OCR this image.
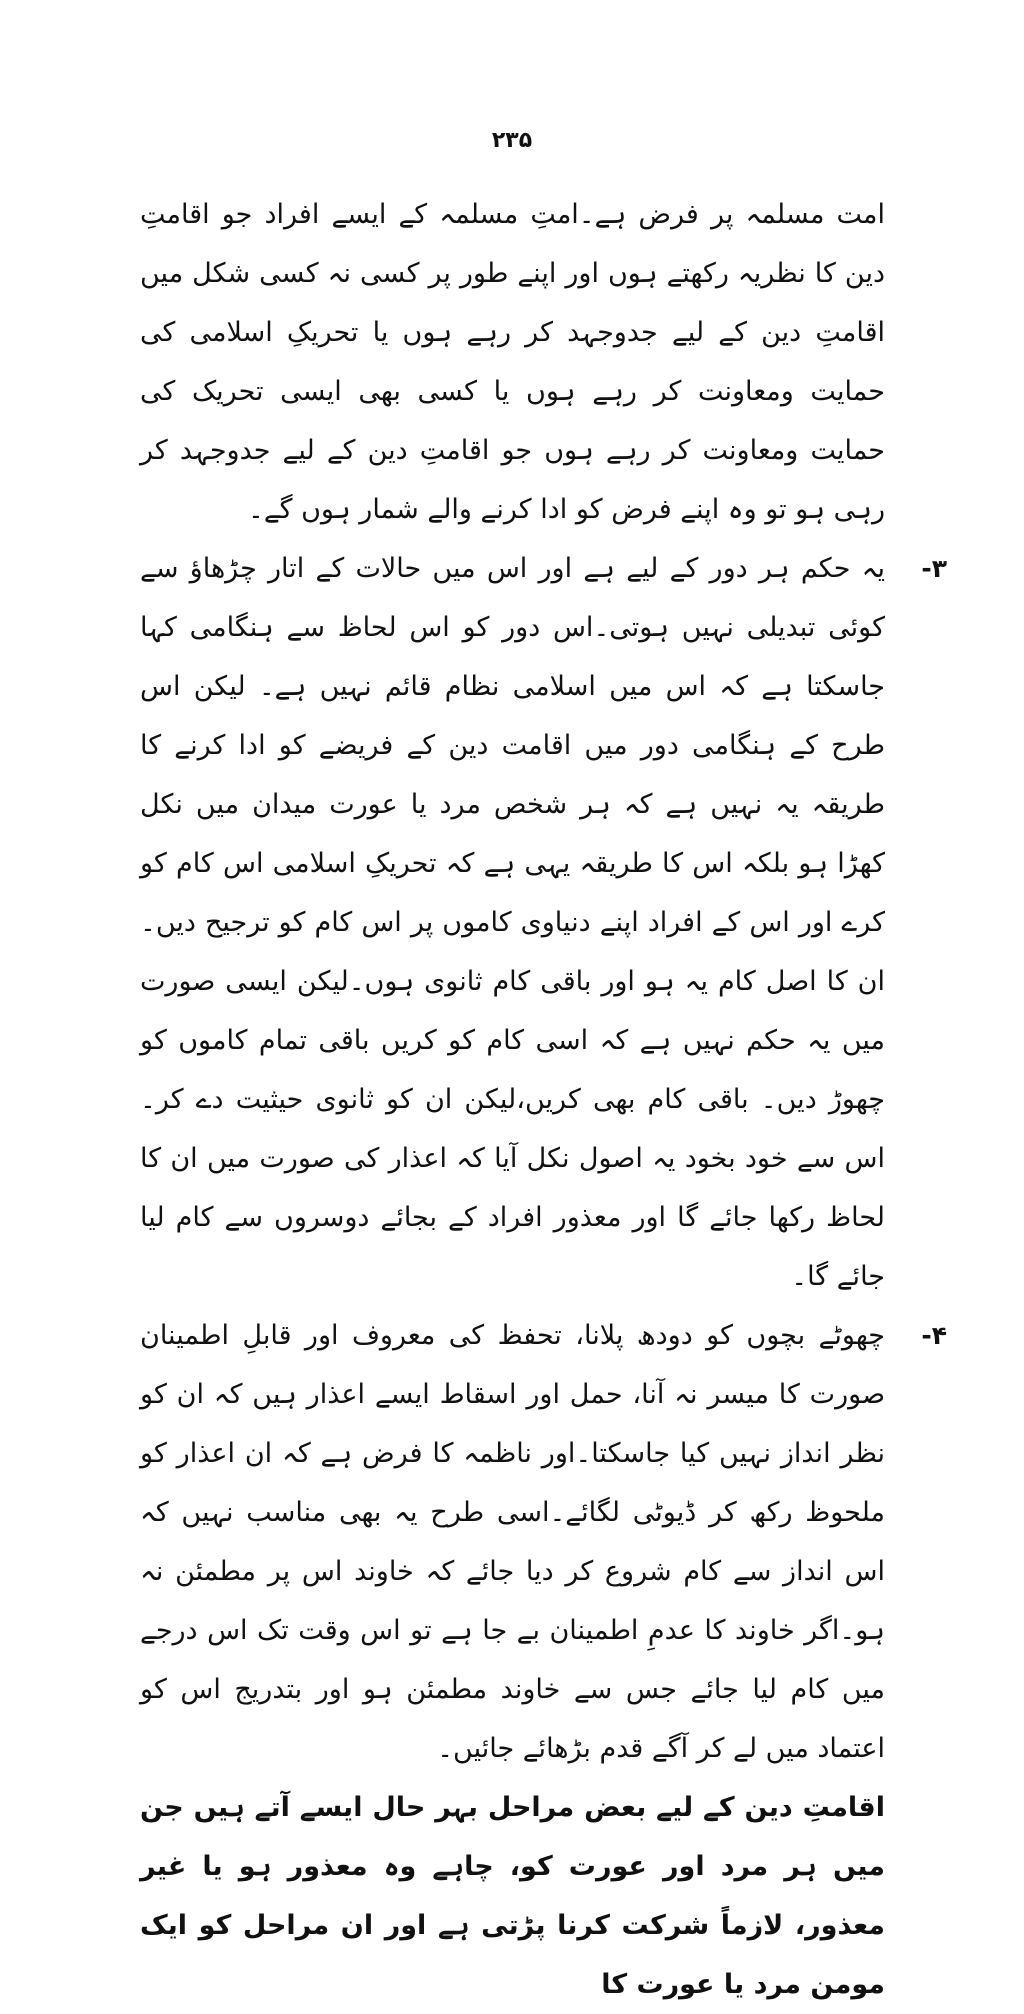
۲۳۵
امت مسلمہ پر فرض ہے۔امتِ مسلمہ کے ایسے افراد جو اقامتِ دین کا نظریہ رکھتے ہوں اور اپنے طور پر کسی نہ کسی شکل میں اقامتِ دین کے لیے جدوجہد کر رہے ہوں یا تحریکِ اسلامی کی حمایت ومعاونت کر رہے ہوں یا کسی بھی ایسی تحریک کی حمایت ومعاونت کر رہے ہوں جو اقامتِ دین کے لیے جدوجہد کر رہی ہو تو وہ اپنے فرض کو ادا کرنے والے شمار ہوں گے۔
۳-
یہ حکم ہر دور کے لیے ہے اور اس میں حالات کے اتار چڑھاؤ سے کوئی تبدیلی نہیں ہوتی۔اس دور کو اس لحاظ سے ہنگامی کہا جاسکتا ہے کہ اس میں اسلامی نظام قائم نہیں ہے۔ لیکن اس طرح کے ہنگامی دور میں اقامت دین کے فریضے کو ادا کرنے کا طریقہ یہ نہیں ہے کہ ہر شخص مرد یا عورت میدان میں نکل کھڑا ہو بلکہ اس کا طریقہ یہی ہے کہ تحریکِ اسلامی اس کام کو کرے اور اس کے افراد اپنے دنیاوی کاموں پر اس کام کو ترجیح دیں۔ان کا اصل کام یہ ہو اور باقی کام ثانوی ہوں۔لیکن ایسی صورت میں یہ حکم نہیں ہے کہ اسی کام کو کریں باقی تمام کاموں کو چھوڑ دیں۔ باقی کام بھی کریں،لیکن ان کو ثانوی حیثیت دے کر۔اس سے خود بخود یہ اصول نکل آیا کہ اعذار کی صورت میں ان کا لحاظ رکھا جائے گا اور معذور افراد کے بجائے دوسروں سے کام لیا جائے گا۔
۴-
چھوٹے بچوں کو دودھ پلانا، تحفظ کی معروف اور قابلِ اطمینان صورت کا میسر نہ آنا، حمل اور اسقاط ایسے اعذار ہیں کہ ان کو نظر انداز نہیں کیا جاسکتا۔اور ناظمہ کا فرض ہے کہ ان اعذار کو ملحوظ رکھ کر ڈیوٹی لگائے۔اسی طرح یہ بھی مناسب نہیں کہ اس انداز سے کام شروع کر دیا جائے کہ خاوند اس پر مطمئن نہ ہو۔اگر خاوند کا عدمِ اطمینان بے جا ہے تو اس وقت تک اس درجے میں کام لیا جائے جس سے خاوند مطمئن ہو اور بتدریج اس کو اعتماد میں لے کر آگے قدم بڑھائے جائیں۔
اقامتِ دین کے لیے بعض مراحل بہر حال ایسے آتے ہیں جن میں ہر مرد اور عورت کو، چاہے وہ معذور ہو یا غیر معذور، لازماً شرکت کرنا پڑتی ہے اور ان مراحل کو ایک مومن مرد یا عورت کا
